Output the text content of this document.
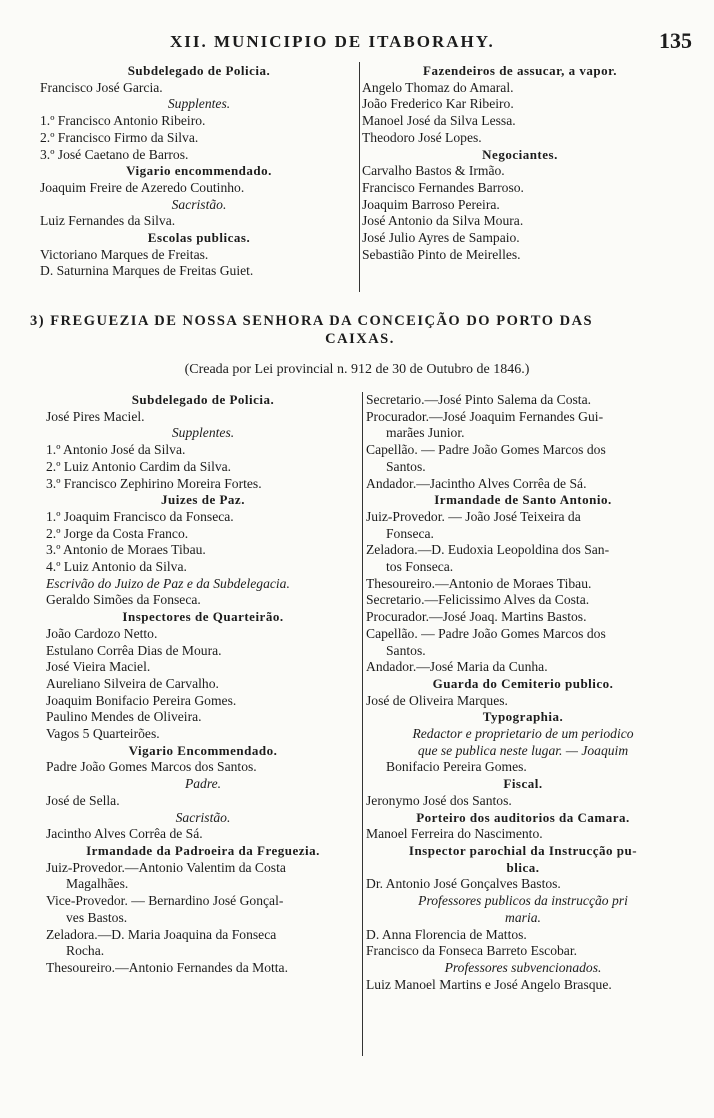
XII. MUNICIPIO DE ITABORAHY.	135
Subdelegado de Policia.
Francisco José Garcia.
Supplentes.
1.º Francisco Antonio Ribeiro.
2.º Francisco Firmo da Silva.
3.º José Caetano de Barros.
Vigario encommendado.
Joaquim Freire de Azeredo Coutinho.
Sacristão.
Luiz Fernandes da Silva.
Escolas publicas.
Victoriano Marques de Freitas.
D. Saturnina Marques de Freitas Guiet.
Fazendeiros de assucar, a vapor.
Angelo Thomaz do Amaral.
João Frederico Kar Ribeiro.
Manoel José da Silva Lessa.
Theodoro José Lopes.
Negociantes.
Carvalho Bastos & Irmão.
Francisco Fernandes Barroso.
Joaquim Barroso Pereira.
José Antonio da Silva Moura.
José Julio Ayres de Sampaio.
Sebastião Pinto de Meirelles.
3) FREGUEZIA DE NOSSA SENHORA DA CONCEIÇÃO DO PORTO DAS
CAIXAS.
(Creada por Lei provincial n. 912 de 30 de Outubro de 1846.)
Subdelegado de Policia.
José Pires Maciel.
Supplentes.
1.º Antonio José da Silva.
2.º Luiz Antonio Cardim da Silva.
3.º Francisco Zephirino Moreira Fortes.
Juizes de Paz.
1.º Joaquim Francisco da Fonseca.
2.º Jorge da Costa Franco.
3.º Antonio de Moraes Tibau.
4.º Luiz Antonio da Silva.
Escrivão do Juizo de Paz e da Subdelegacia.
Geraldo Simões da Fonseca.
Inspectores de Quarteirão.
João Cardozo Netto.
Estulano Corrêa Dias de Moura.
José Vieira Maciel.
Aureliano Silveira de Carvalho.
Joaquim Bonifacio Pereira Gomes.
Paulino Mendes de Oliveira.
Vagos 5 Quarteirões.
Vigario Encommendado.
Padre João Gomes Marcos dos Santos.
Padre.
José de Sella.
Sacristão.
Jacintho Alves Corrêa de Sá.
Irmandade da Padroeira da Freguezia.
Juiz-Provedor.—Antonio Valentim da Costa
Magalhães.
Vice-Provedor. — Bernardino José Gonçal-
ves Bastos.
Zeladora.—D. Maria Joaquina da Fonseca
Rocha.
Thesoureiro.—Antonio Fernandes da Motta.
Secretario.—José Pinto Salema da Costa.
Procurador.—José Joaquim Fernandes Gui-
marães Junior.
Capellão. — Padre João Gomes Marcos dos
Santos.
Andador.—Jacintho Alves Corrêa de Sá.
Irmandade de Santo Antonio.
Juiz-Provedor. — João José Teixeira da
Fonseca.
Zeladora.—D. Eudoxia Leopoldina dos San-
tos Fonseca.
Thesoureiro.—Antonio de Moraes Tibau.
Secretario.—Felicissimo Alves da Costa.
Procurador.—José Joaq. Martins Bastos.
Capellão. — Padre João Gomes Marcos dos
Santos.
Andador.—José Maria da Cunha.
Guarda do Cemiterio publico.
José de Oliveira Marques.
Typographia.
Redactor e proprietario de um periodico
que se publica neste lugar. — Joaquim
Bonifacio Pereira Gomes.
Fiscal.
Jeronymo José dos Santos.
Porteiro dos auditorios da Camara.
Manoel Ferreira do Nascimento.
Inspector parochial da Instrucção pu-
blica.
Dr. Antonio José Gonçalves Bastos.
Professores publicos da instrucção pri
maria.
D. Anna Florencia de Mattos.
Francisco da Fonseca Barreto Escobar.
Professores subvencionados.
Luiz Manoel Martins e José Angelo Brasque.
